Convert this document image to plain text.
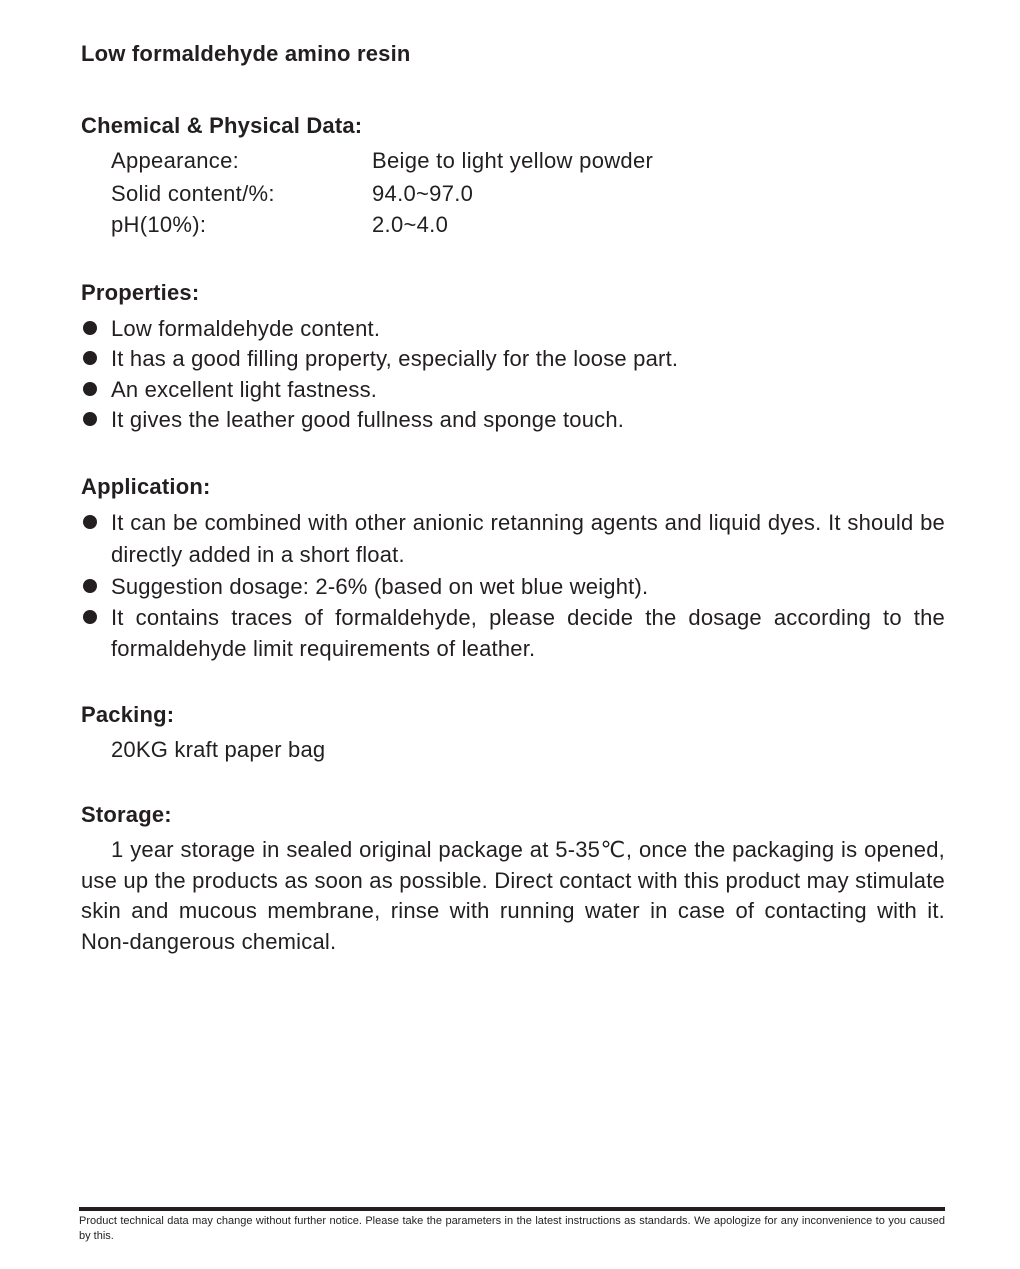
Low formaldehyde amino resin
Chemical & Physical Data:
Appearance:	Beige to light yellow powder
Solid content/%:	94.0~97.0
pH(10%):	2.0~4.0
Properties:
Low formaldehyde content.
It has a good filling property, especially for the loose part.
An excellent light fastness.
It gives the leather good fullness and sponge touch.
Application:
It can be combined with other anionic retanning agents and liquid dyes. It should be directly added in a short float.
Suggestion dosage: 2-6% (based on wet blue weight).
It contains traces of formaldehyde, please decide the dosage according to the formaldehyde limit requirements of leather.
Packing:
20KG kraft paper bag
Storage:

1 year storage in sealed original package at 5-35℃, once the packaging is opened, use up the products as soon as possible. Direct contact with this product may stimulate skin and mucous membrane, rinse with running water in case of contacting with it. Non-dangerous chemical.

Product technical data may change without further notice. Please take the parameters in the latest instructions as standards. We apologize for any inconvenience to you caused by this.
